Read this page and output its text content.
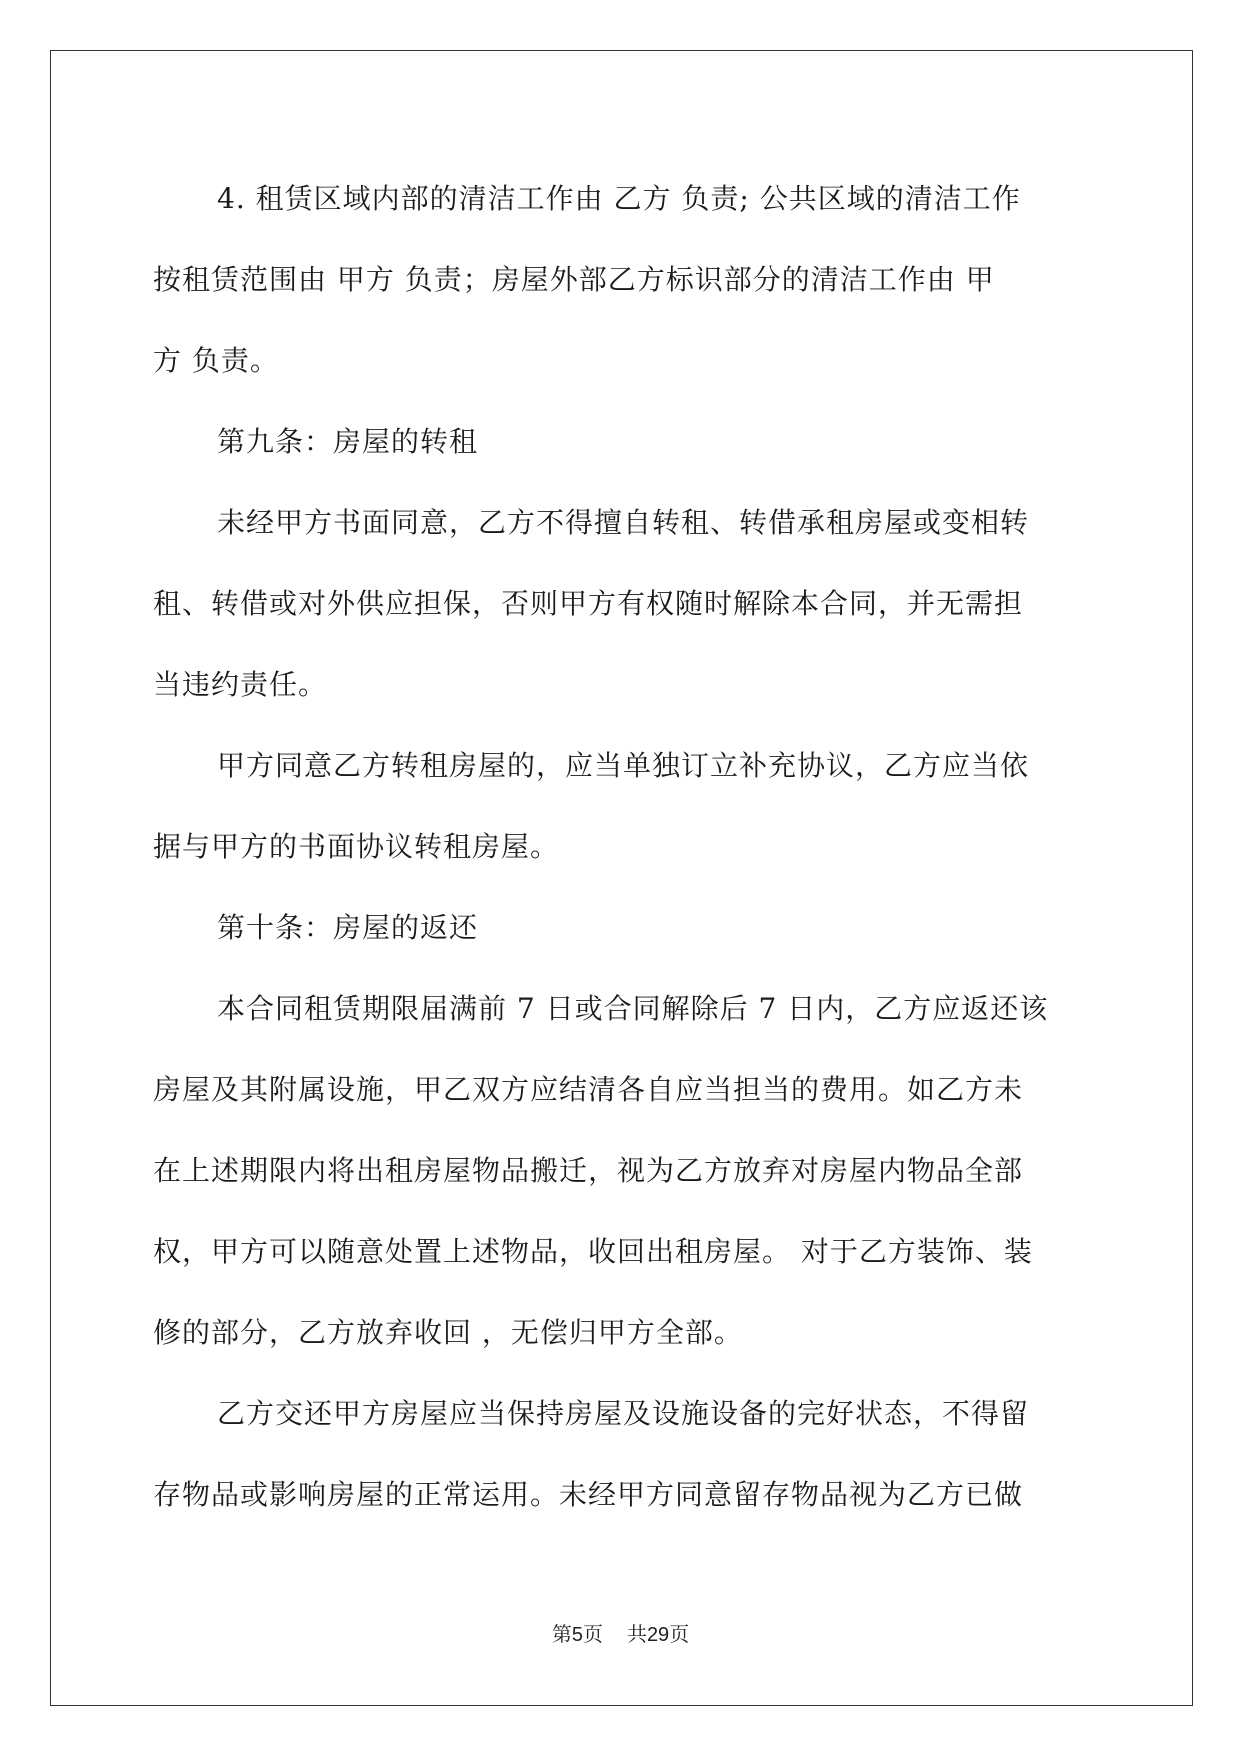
4. 租赁区域内部的清洁工作由 乙方 负责; 公共区域的清洁工作
按租赁范围由 甲方 负责；房屋外部乙方标识部分的清洁工作由 甲
方 负责。

第九条：房屋的转租

未经甲方书面同意，乙方不得擅自转租、转借承租房屋或变相转
租、转借或对外供应担保，否则甲方有权随时解除本合同，并无需担
当违约责任。

甲方同意乙方转租房屋的，应当单独订立补充协议，乙方应当依
据与甲方的书面协议转租房屋。

第十条：房屋的返还

本合同租赁期限届满前 7 日或合同解除后 7 日内，乙方应返还该
房屋及其附属设施，甲乙双方应结清各自应当担当的费用。如乙方未
在上述期限内将出租房屋物品搬迁，视为乙方放弃对房屋内物品全部
权，甲方可以随意处置上述物品，收回出租房屋。 对于乙方装饰、装
修的部分，乙方放弃收回 ，无偿归甲方全部。

乙方交还甲方房屋应当保持房屋及设施设备的完好状态，不得留
存物品或影响房屋的正常运用。未经甲方同意留存物品视为乙方已做

第5页 共29页
